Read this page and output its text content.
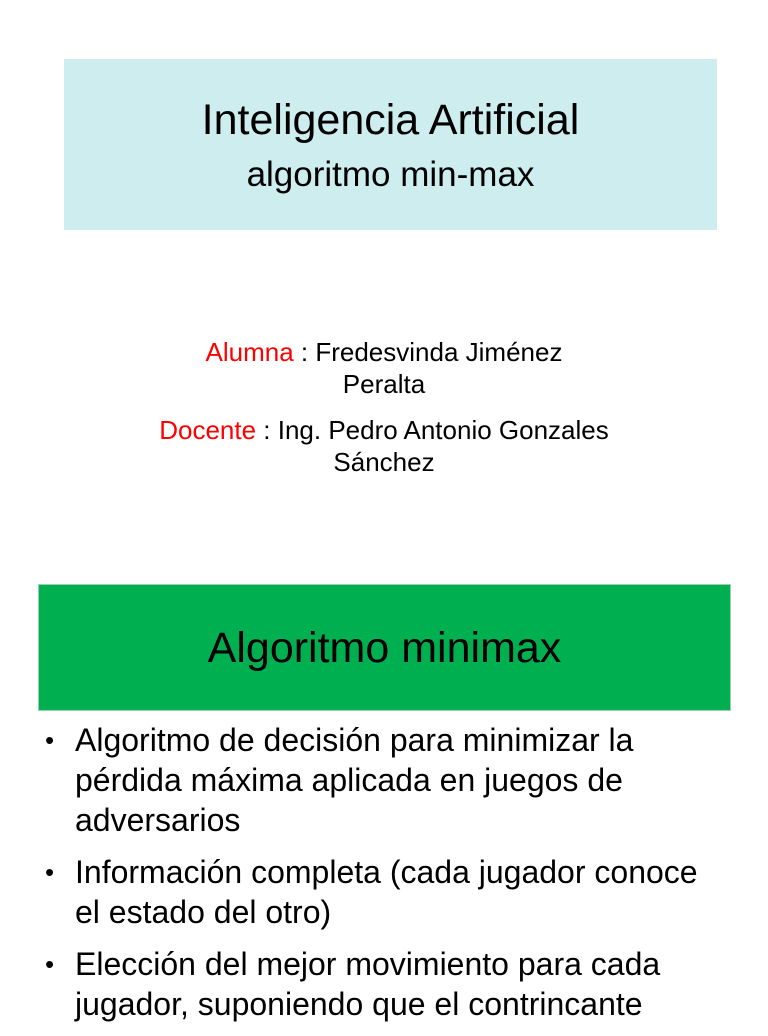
Inteligencia Artificial
algoritmo min-max
Alumna : Fredesvinda Jiménez
Peralta
Docente : Ing. Pedro Antonio Gonzales
Sánchez
Algoritmo minimax
• Algoritmo de decisión para minimizar la pérdida máxima aplicada en juegos de adversarios
• Información completa (cada jugador conoce el estado del otro)
• Elección del mejor movimiento para cada jugador, suponiendo que el contrincante
